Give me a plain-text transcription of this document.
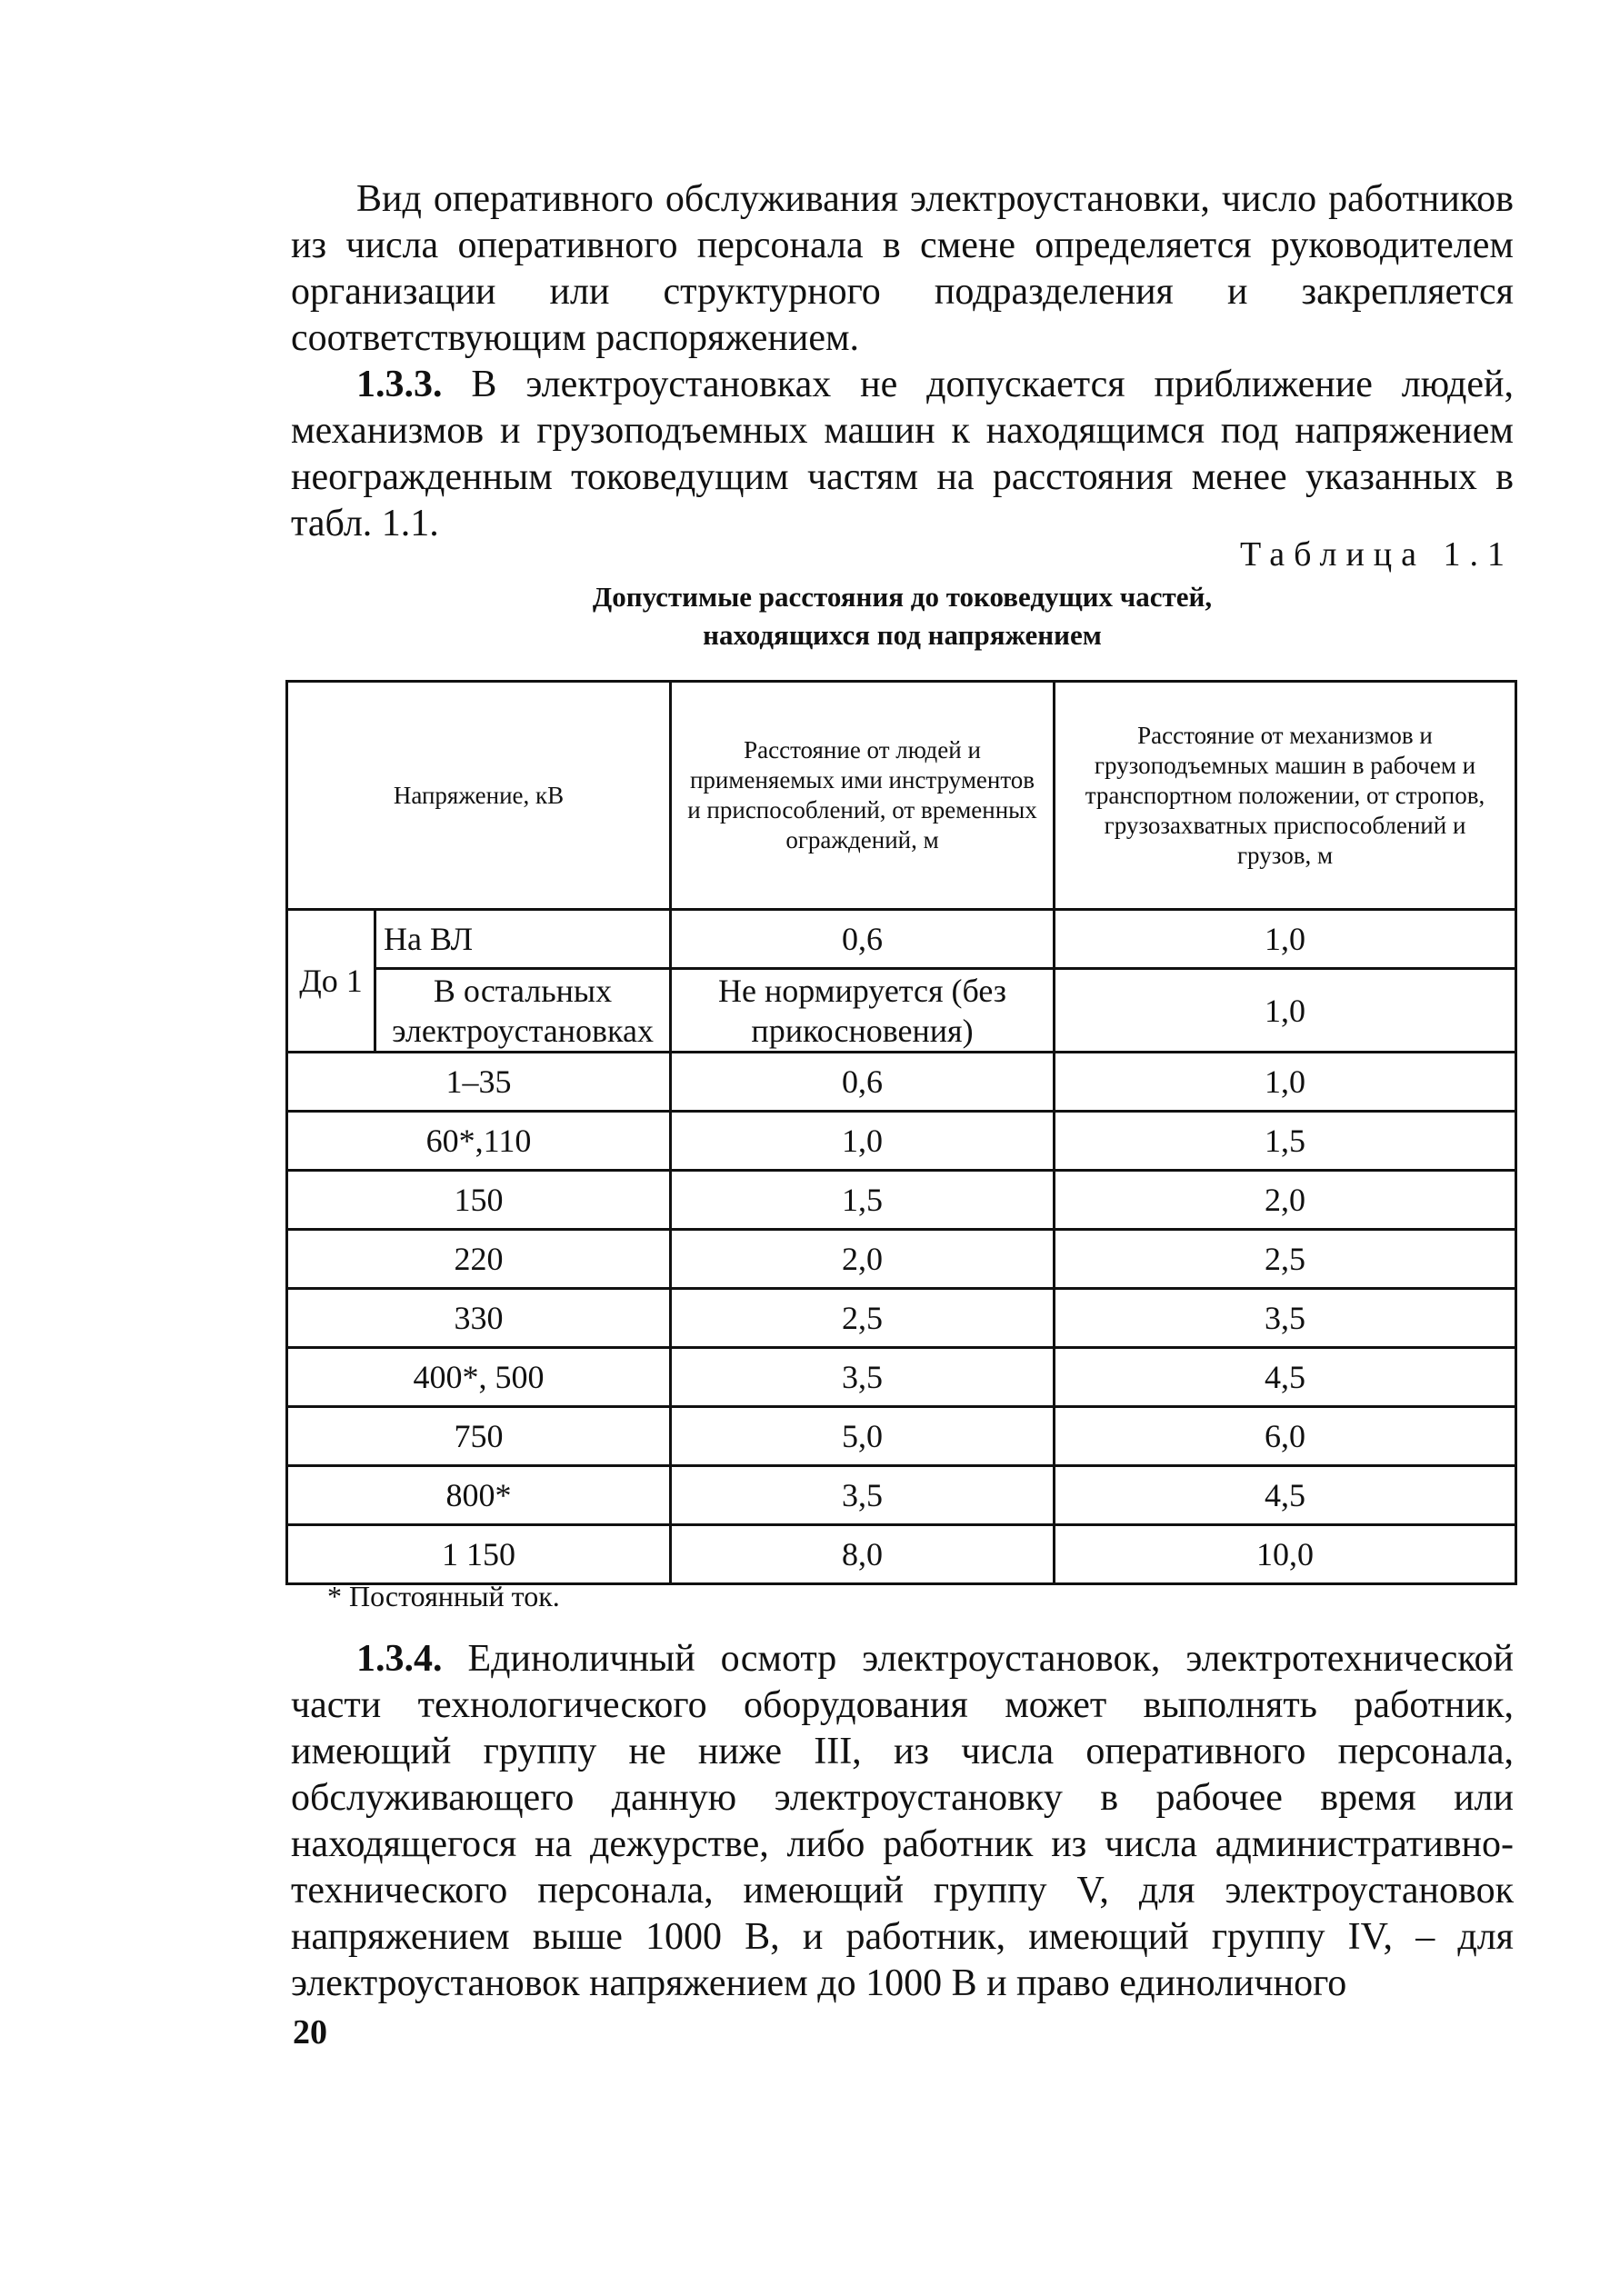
Вид оперативного обслуживания электроустановки, число работников из числа оперативного персонала в смене определяется руководителем организации или структурного подразделения и закрепляется соответствующим распоряжением.

1.3.3. В электроустановках не допускается приближение людей, механизмов и грузоподъемных машин к находящимся под напряжением неогражденным токоведущим частям на расстояния менее указанных в табл. 1.1.

Таблица 1.1
Допустимые расстояния до токоведущих частей,
находящихся под напряжением
Напряжение, кВ		Расстояние от людей и применяемых ими инструментов и приспособлений, от временных ограждений, м	Расстояние от механизмов и грузоподъемных машин в рабочем и транспортном положении, от стропов, грузозахватных приспособлений и грузов, м
До 1	На ВЛ	0,6	1,0
	В остальных электроустановках	Не нормируется (без прикосновения)	1,0
1–35		0,6	1,0
60*,110		1,0	1,5
150		1,5	2,0
220		2,0	2,5
330		2,5	3,5
400*, 500		3,5	4,5
750		5,0	6,0
800*		3,5	4,5
1 150		8,0	10,0
* Постоянный ток.

1.3.4. Единоличный осмотр электроустановок, электротехнической части технологического оборудования может выполнять работник, имеющий группу не ниже III, из числа оперативного персонала, обслуживающего данную электроустановку в рабочее время или находящегося на дежурстве, либо работник из числа административно-технического персонала, имеющий группу V, для электроустановок напряжением выше 1000 В, и работник, имеющий группу IV, – для электроустановок напряжением до 1000 В и право единоличного

20
